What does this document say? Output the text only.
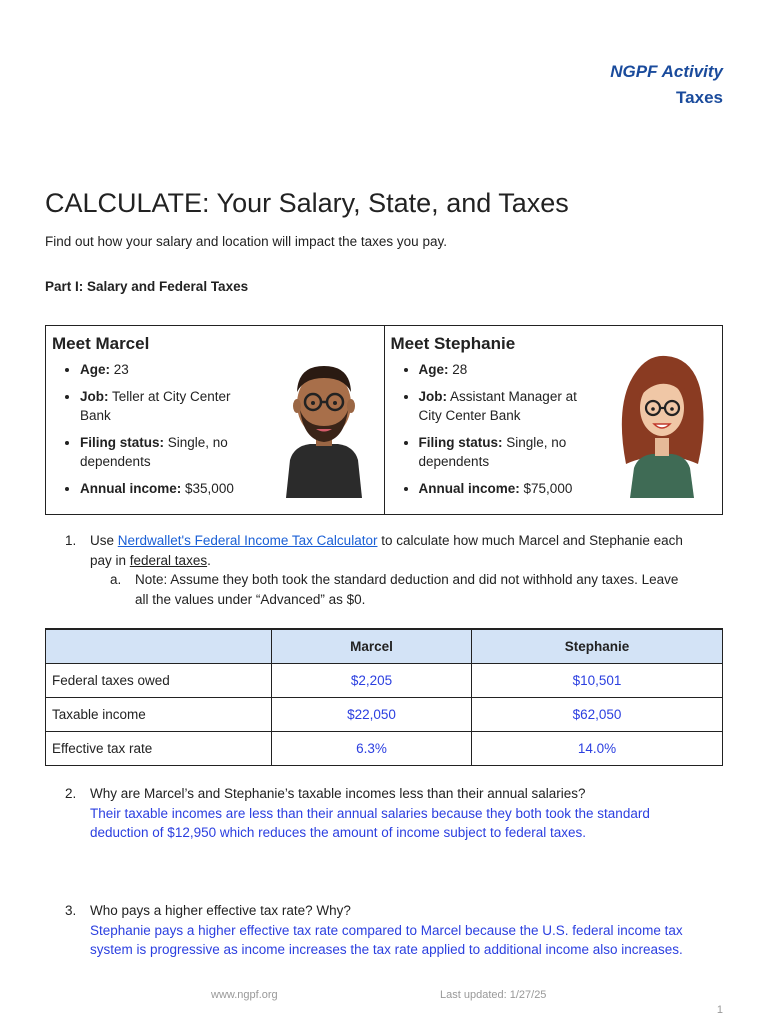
NGPF Activity
Taxes
CALCULATE: Your Salary, State, and Taxes
Find out how your salary and location will impact the taxes you pay.
Part I: Salary and Federal Taxes
Meet Marcel
• Age: 23
• Job: Teller at City Center Bank
• Filing status: Single, no dependents
• Annual income: $35,000
Meet Stephanie
• Age: 28
• Job: Assistant Manager at City Center Bank
• Filing status: Single, no dependents
• Annual income: $75,000
1.	Use Nerdwallet's Federal Income Tax Calculator to calculate how much Marcel and Stephanie each pay in federal taxes.
a. Note: Assume they both took the standard deduction and did not withhold any taxes. Leave all the values under “Advanced” as $0.
	Marcel	Stephanie
Federal taxes owed	$2,205	$10,501
Taxable income	$22,050	$62,050
Effective tax rate	6.3%	14.0%
2.	Why are Marcel’s and Stephanie’s taxable incomes less than their annual salaries?
Their taxable incomes are less than their annual salaries because they both took the standard deduction of $12,950 which reduces the amount of income subject to federal taxes.
3.	Who pays a higher effective tax rate? Why?
Stephanie pays a higher effective tax rate compared to Marcel because the U.S. federal income tax system is progressive as income increases the tax rate applied to additional income also increases.
www.ngpf.org	Last updated: 1/27/25
1
